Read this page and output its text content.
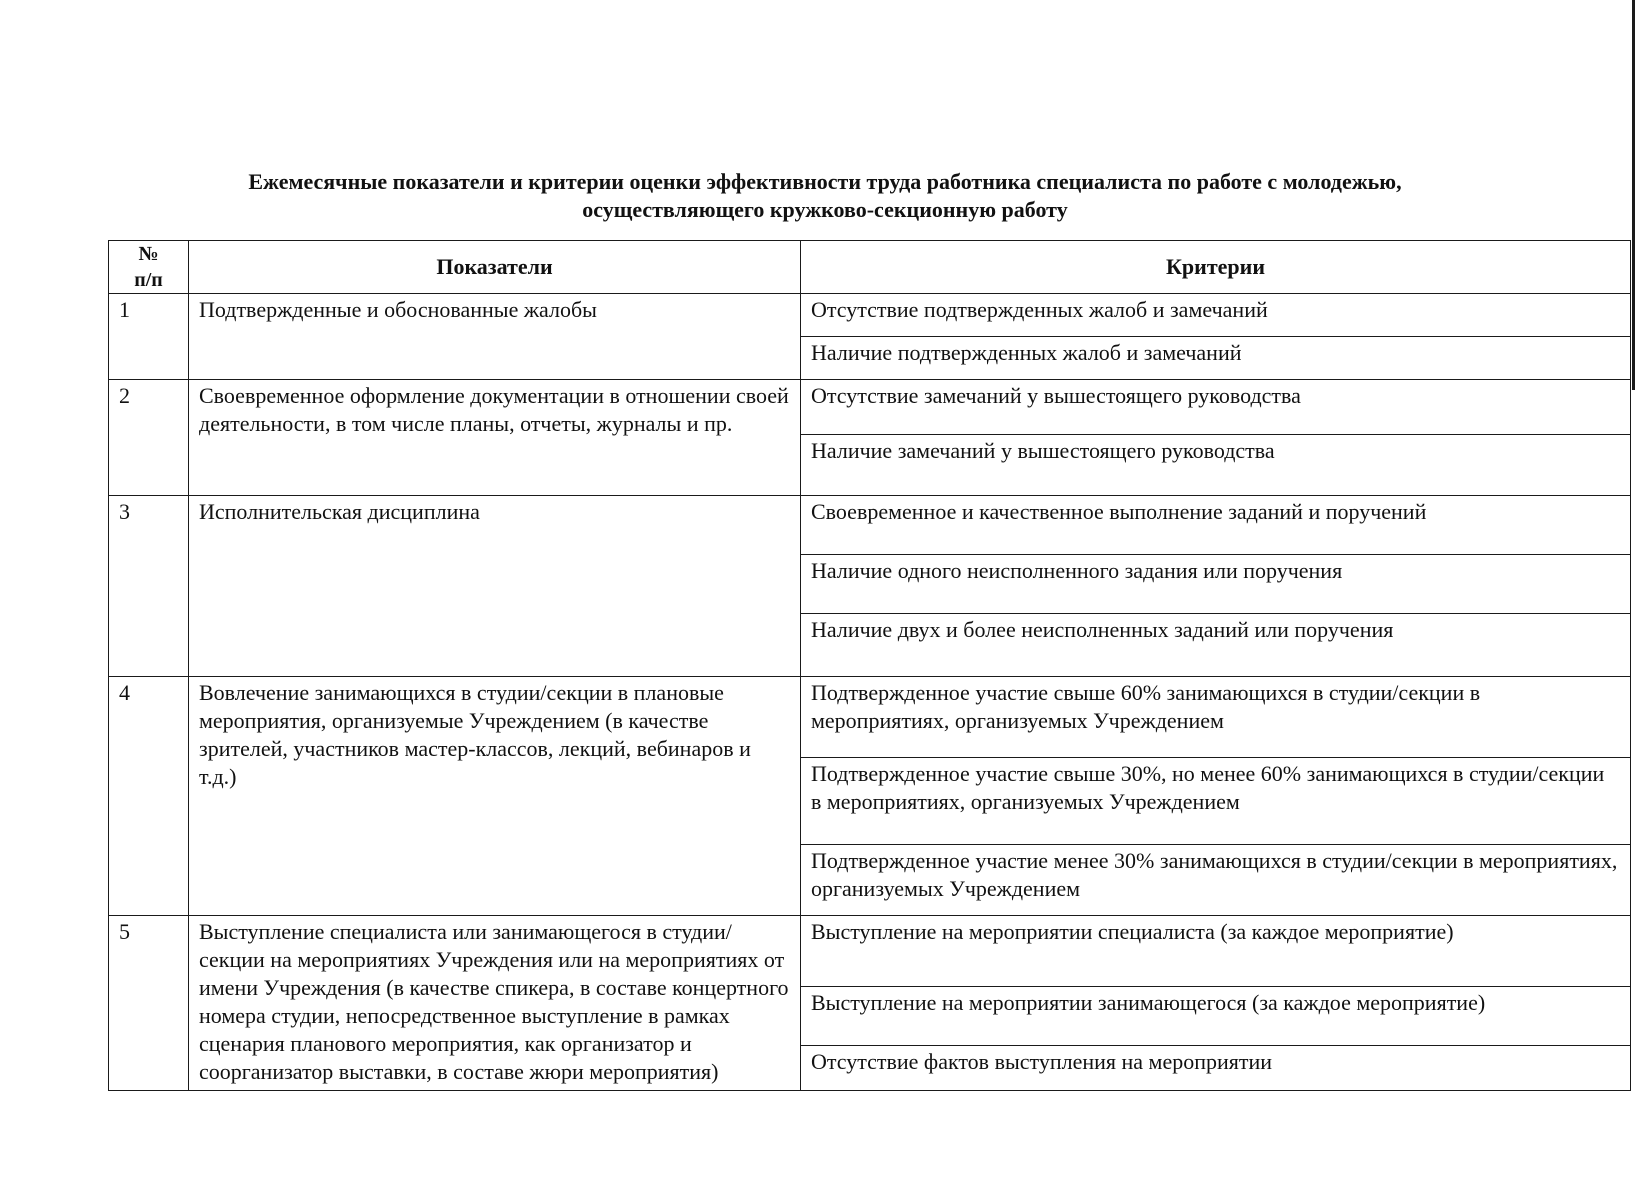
Ежемесячные показатели и критерии оценки эффективности труда работника специалиста по работе с молодежью,
осуществляющего кружково-секционную работу
№
п/п	Показатели	Критерии
1	Подтвержденные и обоснованные жалобы	Отсутствие подтвержденных жалоб и замечаний
		Наличие подтвержденных жалоб и замечаний
2	Своевременное оформление документации в отношении своей деятельности, в том числе планы, отчеты, журналы и пр.	Отсутствие замечаний у вышестоящего руководства
		Наличие замечаний у вышестоящего руководства
3	Исполнительская дисциплина	Своевременное и качественное выполнение заданий и поручений
		Наличие одного неисполненного задания или поручения
		Наличие двух и более неисполненных заданий или поручения
4	Вовлечение занимающихся в студии/секции в плановые мероприятия, организуемые Учреждением (в качестве зрителей, участников мастер-классов, лекций, вебинаров и т.д.)	Подтвержденное участие свыше 60% занимающихся в студии/секции в мероприятиях, организуемых Учреждением
		Подтвержденное участие свыше 30%, но менее 60% занимающихся в студии/секции в мероприятиях, организуемых Учреждением
		Подтвержденное участие менее 30% занимающихся в студии/секции в мероприятиях, организуемых Учреждением
5	Выступление специалиста или занимающегося в студии/секции на мероприятиях Учреждения или на мероприятиях от имени Учреждения (в качестве спикера, в составе концертного номера студии, непосредственное выступление в рамках сценария планового мероприятия, как организатор и соорганизатор выставки, в составе жюри мероприятия)	Выступление на мероприятии специалиста (за каждое мероприятие)
		Выступление на мероприятии занимающегося (за каждое мероприятие)
		Отсутствие фактов выступления на мероприятии
